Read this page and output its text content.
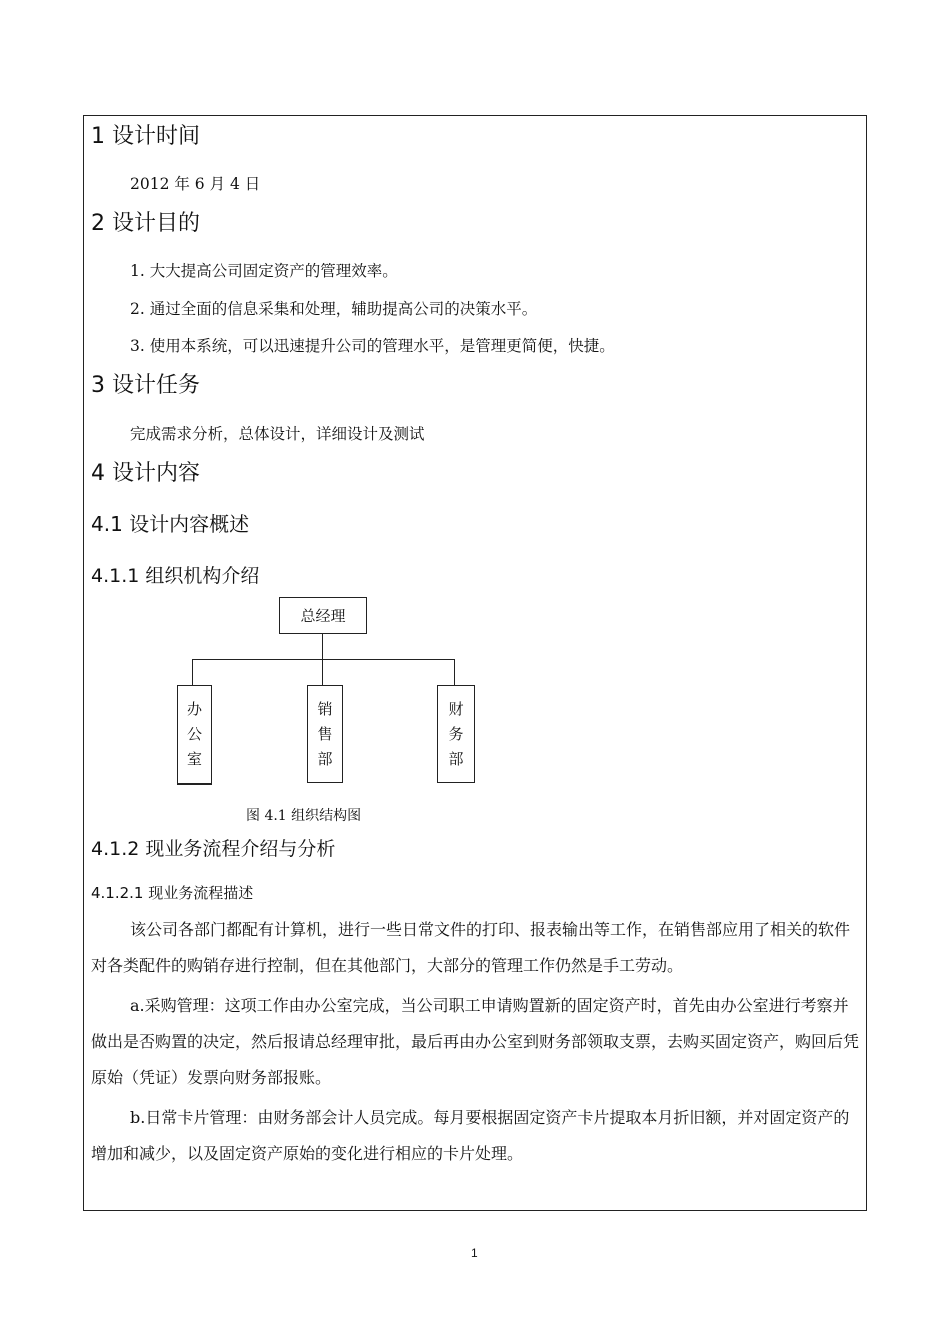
1 设计时间
2012 年 6 月 4 日
2 设计目的
1. 大大提高公司固定资产的管理效率。
2. 通过全面的信息采集和处理，辅助提高公司的决策水平。
3. 使用本系统，可以迅速提升公司的管理水平，是管理更简便，快捷。
3 设计任务
完成需求分析，总体设计，详细设计及测试
4 设计内容
4.1 设计内容概述
4.1.1 组织机构介绍
总经理
办
公
室
销
售
部
财
务
部
图 4.1 组织结构图
4.1.2 现业务流程介绍与分析
4.1.2.1 现业务流程描述

该公司各部门都配有计算机，进行一些日常文件的打印、报表输出等工作，在销售部应用了相关的软件对各类配件的购销存进行控制，但在其他部门，大部分的管理工作仍然是手工劳动。

a.采购管理：这项工作由办公室完成，当公司职工申请购置新的固定资产时，首先由办公室进行考察并做出是否购置的决定，然后报请总经理审批，最后再由办公室到财务部领取支票，去购买固定资产，购回后凭原始（凭证）发票向财务部报账。

b.日常卡片管理：由财务部会计人员完成。每月要根据固定资产卡片提取本月折旧额，并对固定资产的增加和减少，以及固定资产原始的变化进行相应的卡片处理。

1
